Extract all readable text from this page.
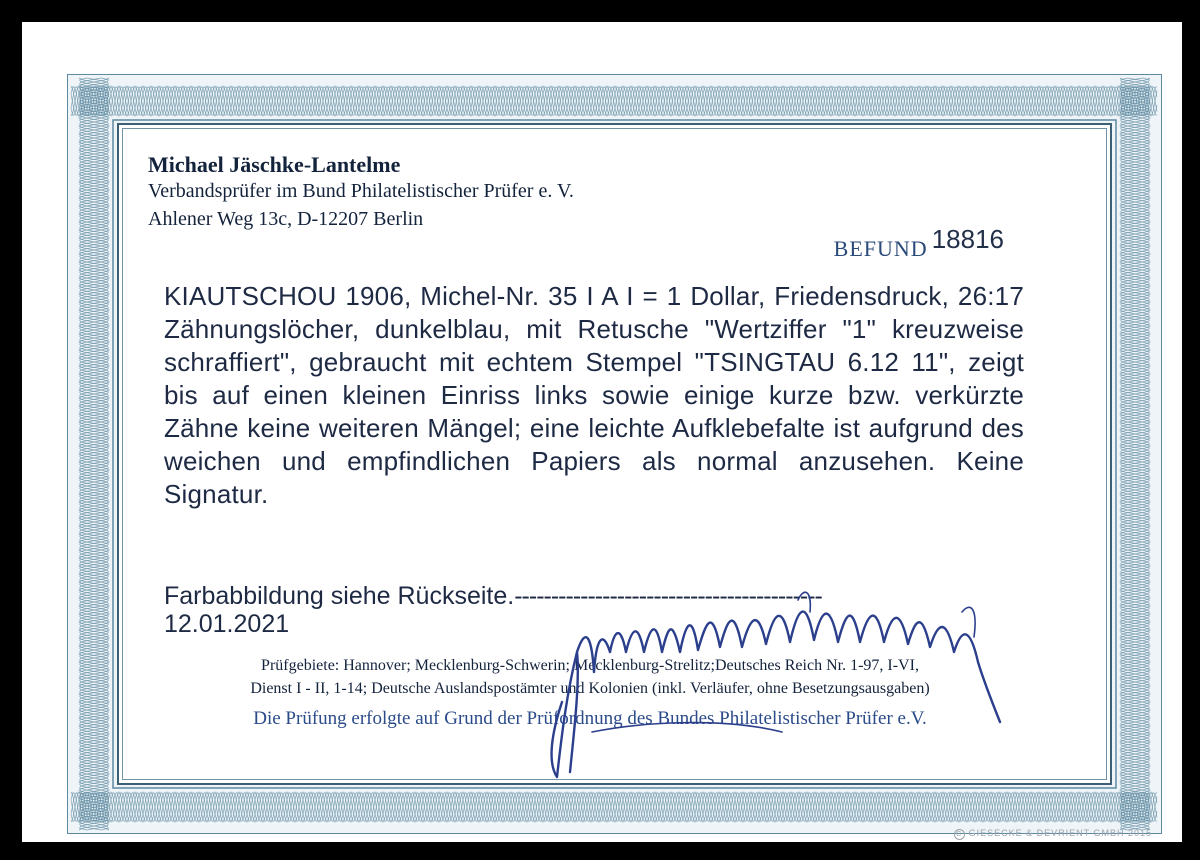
Michael Jäschke-Lantelme
Verbandsprüfer im Bund Philatelistischer Prüfer e. V.
Ahlener Weg 13c, D-12207 Berlin
BEFUND 18816
KIAUTSCHOU 1906, Michel-Nr. 35 I A I = 1 Dollar, Friedensdruck, 26:17 Zähnungslöcher, dunkelblau, mit Retusche "Wertziffer "1" kreuzweise schraffiert", gebraucht mit echtem Stempel "TSINGTAU 6.12 11", zeigt bis auf einen kleinen Einriss links sowie einige kurze bzw. verkürzte Zähne keine weiteren Mängel; eine leichte Aufklebefalte ist aufgrund des weichen und empfindlichen Papiers als normal anzusehen. Keine Signatur.
Farbabbildung siehe Rückseite.------------------------------------------
12.01.2021
Prüfgebiete: Hannover; Mecklenburg-Schwerin; Mecklenburg-Strelitz;Deutsches Reich Nr. 1-97, I-VI,
Dienst I - II, 1-14; Deutsche Auslandspostämter und Kolonien (inkl. Verläufer, ohne Besetzungsausgaben)
Die Prüfung erfolgte auf Grund der Prüfordnung des Bundes Philatelistischer Prüfer e.V.
C GIESECKE & DEVRIENT GMBH 2015
